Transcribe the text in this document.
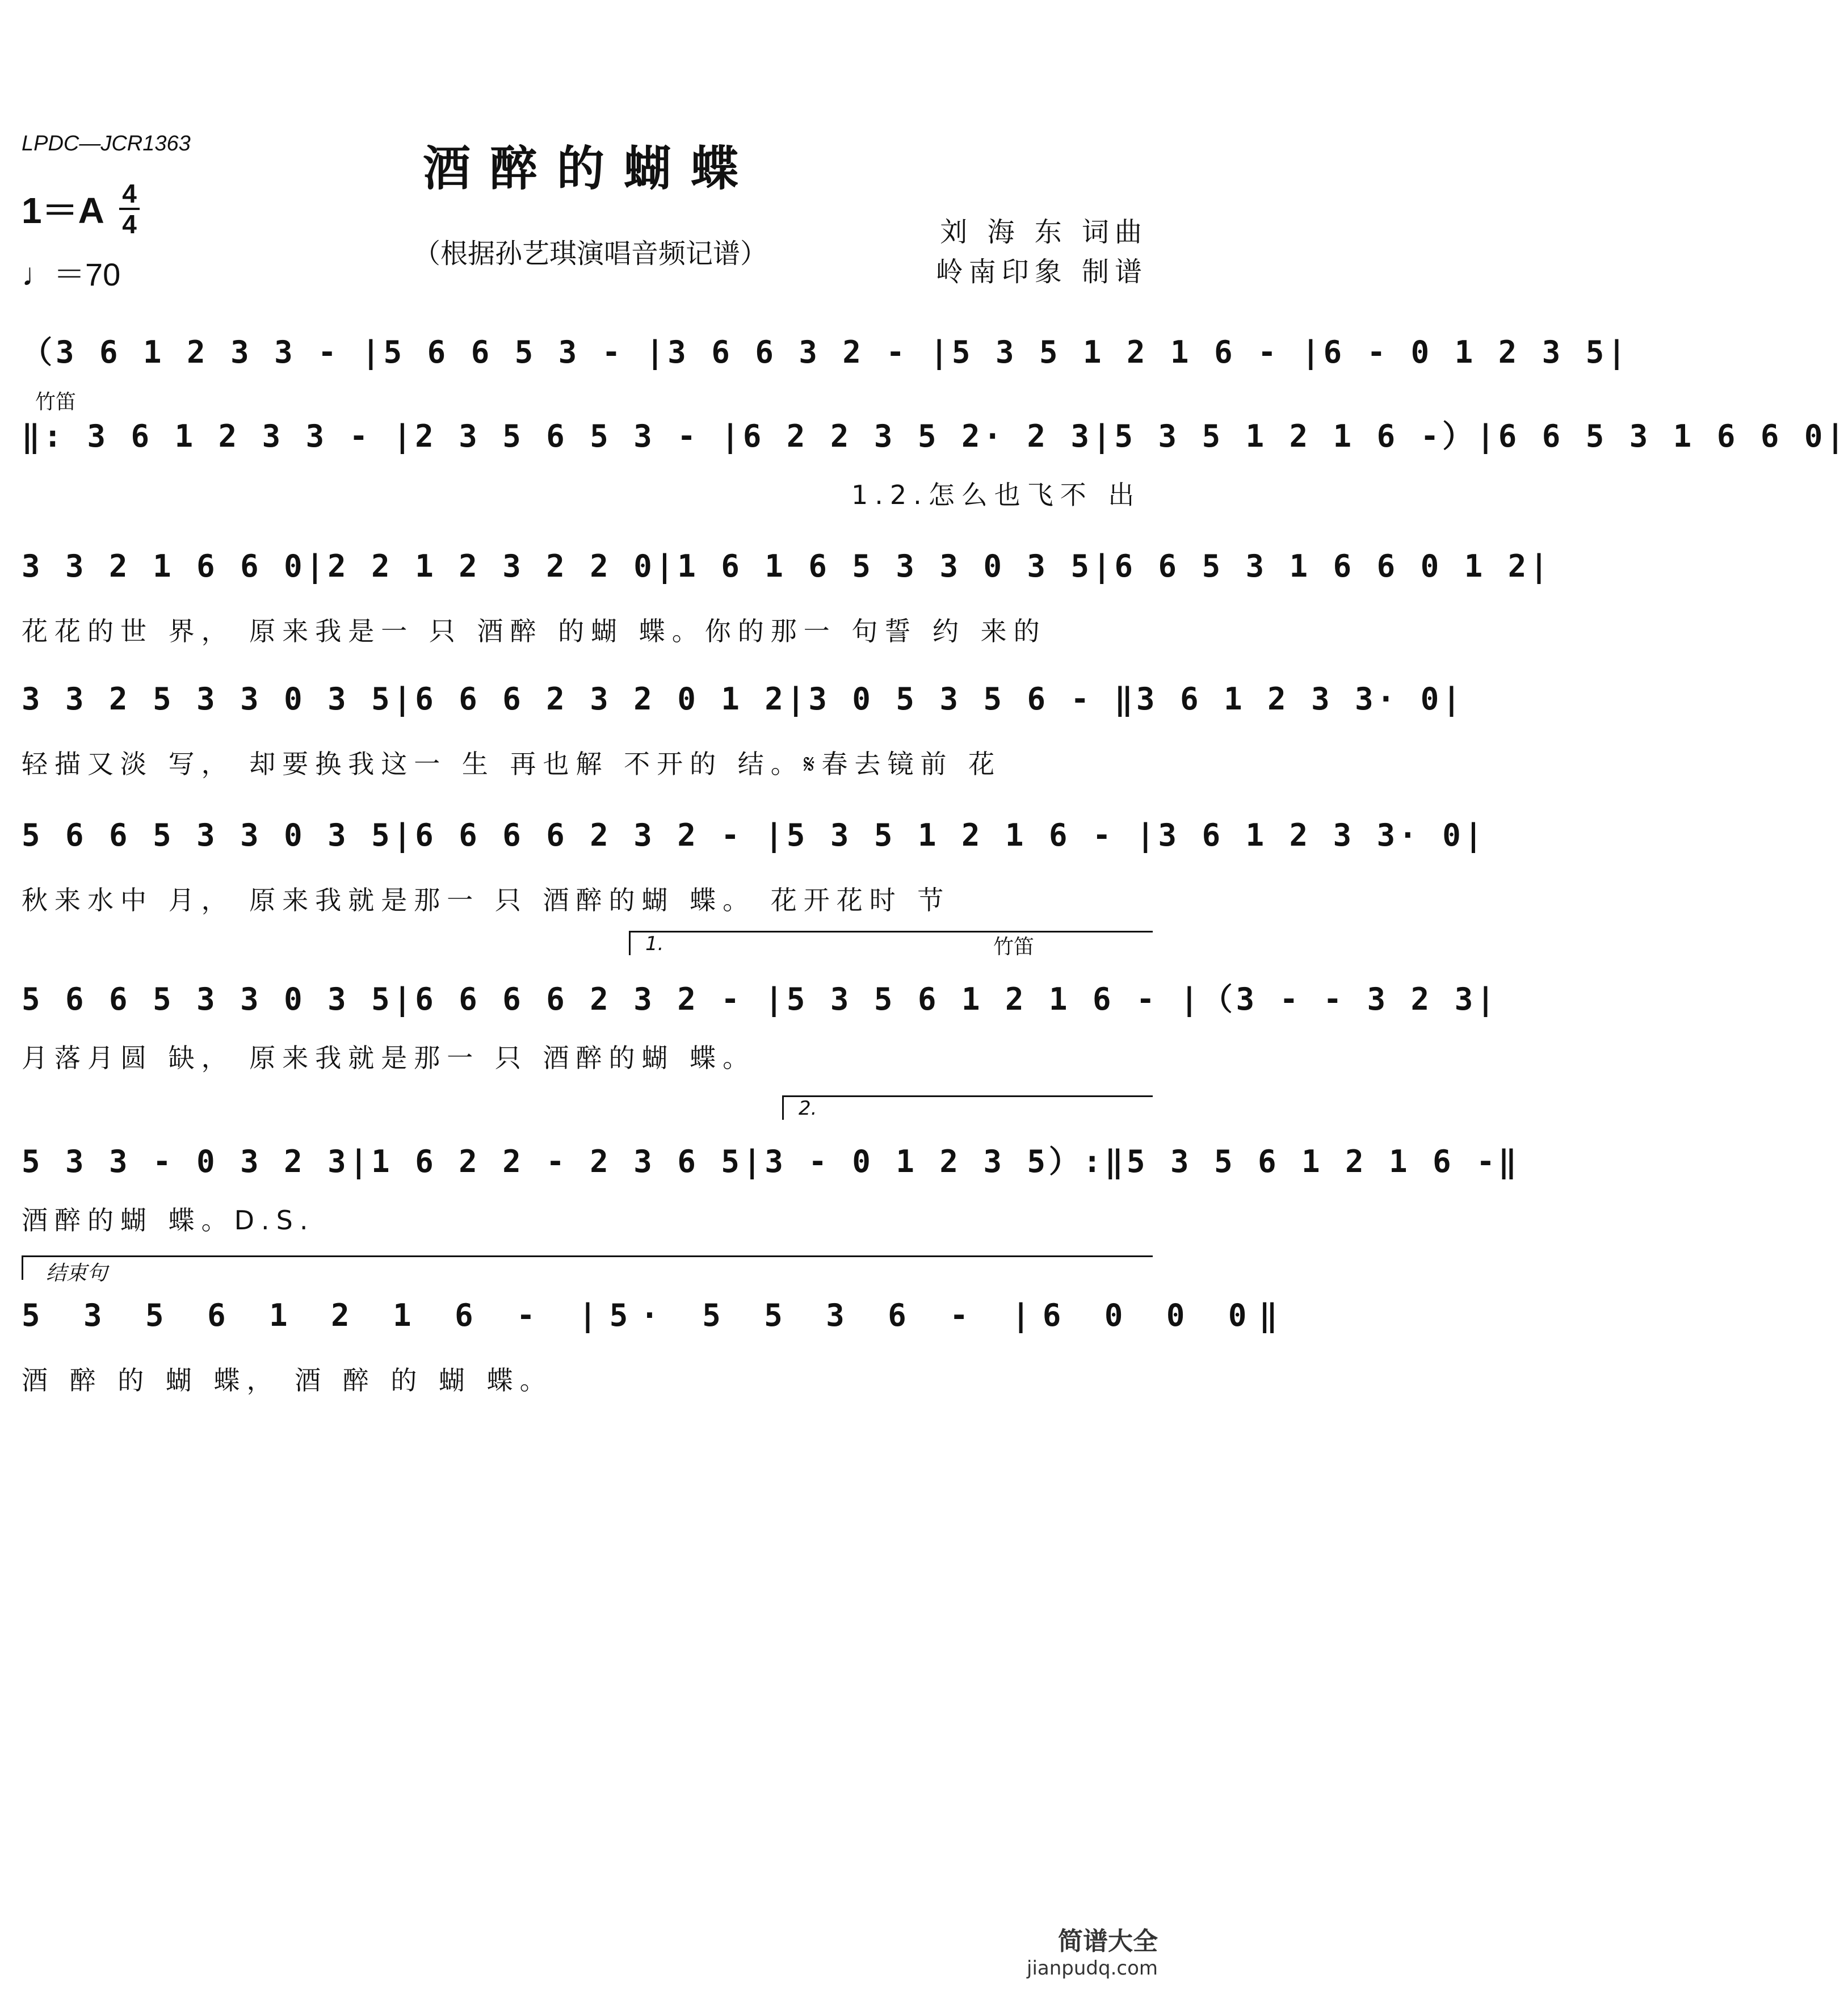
LPDC—JCR1363	酒醉的蝴蝶
1＝A 4
4
♩＝70
（根据孙艺琪演唱音频记谱）
刘 海 东 词曲
岭南印象 制谱
（3 6 1 2 3 3 - |5 6 6 5 3 - |3 6 6 3 2 - |5 3 5 1 2 1 6 - |6 - 0 1 2 3 5|
竹笛
‖: 3 6 1 2 3 3 - |2 3 5 6 5 3 - |6 2 2 3 5 2· 2 3|5 3 5 1 2 1 6 -）|6 6 5 3 1 6 6 0|
1.2.怎么也飞不 出
3 3 2 1 6 6 0|2 2 1 2 3 2 2 0|1 6 1 6 5 3 3 0 3 5|6 6 5 3 1 6 6 0 1 2|
花花的世 界， 原来我是一 只 酒醉 的蝴 蝶。你的那一 句誓 约 来的
3 3 2 5 3 3 0 3 5|6 6 6 2 3 2 0 1 2|3 0 5 3 5 6 - ‖3 6 1 2 3 3· 0|
轻描又淡 写， 却要换我这一 生 再也解 不开的 结。𝄋春去镜前 花
5 6 6 5 3 3 0 3 5|6 6 6 6 2 3 2 - |5 3 5 1 2 1 6 - |3 6 1 2 3 3· 0|
秋来水中 月， 原来我就是那一 只 酒醉的蝴 蝶。 花开花时 节
1.	竹笛
5 6 6 5 3 3 0 3 5|6 6 6 6 2 3 2 - |5 3 5 6 1 2 1 6 - |（3 - - 3 2 3|
月落月圆 缺， 原来我就是那一 只 酒醉的蝴 蝶。
2.
5 3 3 - 0 3 2 3|1 6 2 2 - 2 3 6 5|3 - 0 1 2 3 5）:‖5 3 5 6 1 2 1 6 -‖
酒醉的蝴 蝶。D.S.
结束句
5 3 5 6 1 2 1 6 - |5· 5 5 3 6 - |6 0 0 0‖
酒 醉 的 蝴 蝶， 酒 醉 的 蝴 蝶。
简谱大全
jianpudq.com
